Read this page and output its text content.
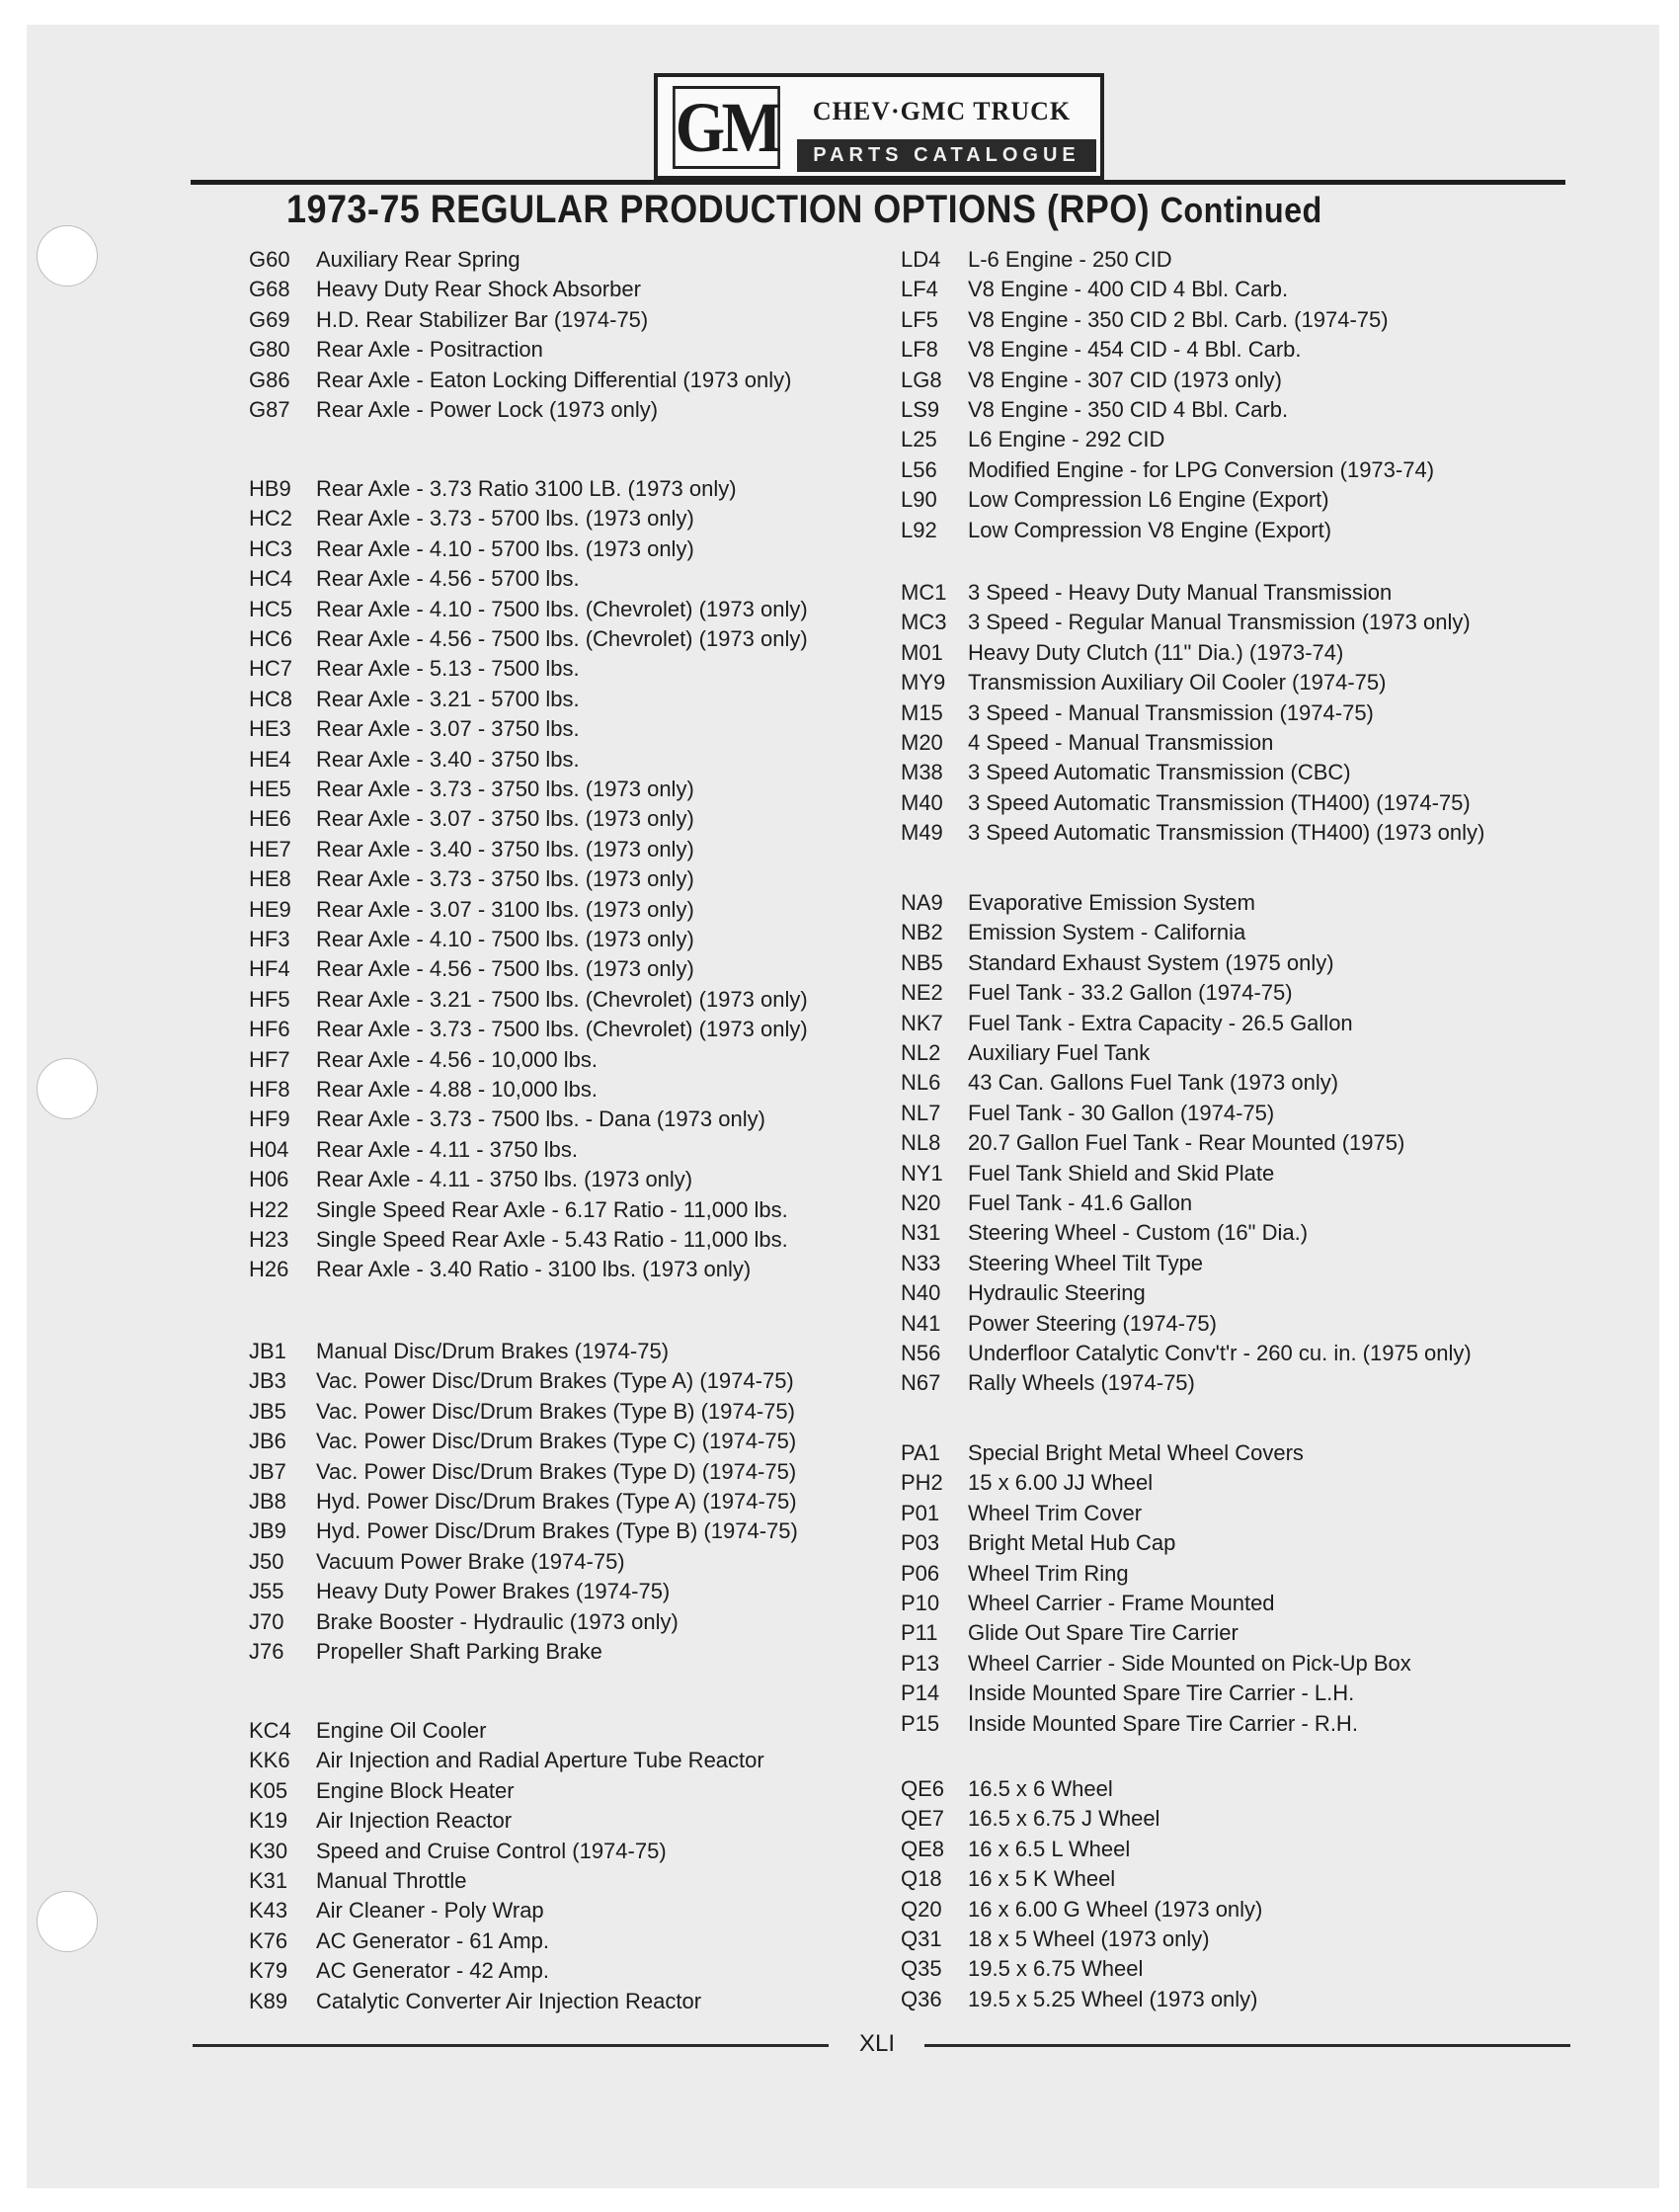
GM	CHEV·GMC TRUCK
PARTS CATALOGUE
1973-75 REGULAR PRODUCTION OPTIONS (RPO) Continued
G60	Auxiliary Rear Spring
G68	Heavy Duty Rear Shock Absorber
G69	H.D. Rear Stabilizer Bar (1974-75)
G80	Rear Axle - Positraction
G86	Rear Axle - Eaton Locking Differential (1973 only)
G87	Rear Axle - Power Lock (1973 only)
HB9	Rear Axle - 3.73 Ratio 3100 LB. (1973 only)
HC2	Rear Axle - 3.73 - 5700 lbs. (1973 only)
HC3	Rear Axle - 4.10 - 5700 lbs. (1973 only)
HC4	Rear Axle - 4.56 - 5700 lbs.
HC5	Rear Axle - 4.10 - 7500 lbs. (Chevrolet) (1973 only)
HC6	Rear Axle - 4.56 - 7500 lbs. (Chevrolet) (1973 only)
HC7	Rear Axle - 5.13 - 7500 lbs.
HC8	Rear Axle - 3.21 - 5700 lbs.
HE3	Rear Axle - 3.07 - 3750 lbs.
HE4	Rear Axle - 3.40 - 3750 lbs.
HE5	Rear Axle - 3.73 - 3750 lbs. (1973 only)
HE6	Rear Axle - 3.07 - 3750 lbs. (1973 only)
HE7	Rear Axle - 3.40 - 3750 lbs. (1973 only)
HE8	Rear Axle - 3.73 - 3750 lbs. (1973 only)
HE9	Rear Axle - 3.07 - 3100 lbs. (1973 only)
HF3	Rear Axle - 4.10 - 7500 lbs. (1973 only)
HF4	Rear Axle - 4.56 - 7500 lbs. (1973 only)
HF5	Rear Axle - 3.21 - 7500 lbs. (Chevrolet) (1973 only)
HF6	Rear Axle - 3.73 - 7500 lbs. (Chevrolet) (1973 only)
HF7	Rear Axle - 4.56 - 10,000 lbs.
HF8	Rear Axle - 4.88 - 10,000 lbs.
HF9	Rear Axle - 3.73 - 7500 lbs. - Dana (1973 only)
H04	Rear Axle - 4.11 - 3750 lbs.
H06	Rear Axle - 4.11 - 3750 lbs. (1973 only)
H22	Single Speed Rear Axle - 6.17 Ratio - 11,000 lbs.
H23	Single Speed Rear Axle - 5.43 Ratio - 11,000 lbs.
H26	Rear Axle - 3.40 Ratio - 3100 lbs. (1973 only)
JB1	Manual Disc/Drum Brakes (1974-75)
JB3	Vac. Power Disc/Drum Brakes (Type A) (1974-75)
JB5	Vac. Power Disc/Drum Brakes (Type B) (1974-75)
JB6	Vac. Power Disc/Drum Brakes (Type C) (1974-75)
JB7	Vac. Power Disc/Drum Brakes (Type D) (1974-75)
JB8	Hyd. Power Disc/Drum Brakes (Type A) (1974-75)
JB9	Hyd. Power Disc/Drum Brakes (Type B) (1974-75)
J50	Vacuum Power Brake (1974-75)
J55	Heavy Duty Power Brakes (1974-75)
J70	Brake Booster - Hydraulic (1973 only)
J76	Propeller Shaft Parking Brake
KC4	Engine Oil Cooler
KK6	Air Injection and Radial Aperture Tube Reactor
K05	Engine Block Heater
K19	Air Injection Reactor
K30	Speed and Cruise Control (1974-75)
K31	Manual Throttle
K43	Air Cleaner - Poly Wrap
K76	AC Generator - 61 Amp.
K79	AC Generator - 42 Amp.
K89	Catalytic Converter Air Injection Reactor
LD4	L-6 Engine - 250 CID
LF4	V8 Engine - 400 CID 4 Bbl. Carb.
LF5	V8 Engine - 350 CID 2 Bbl. Carb. (1974-75)
LF8	V8 Engine - 454 CID - 4 Bbl. Carb.
LG8	V8 Engine - 307 CID (1973 only)
LS9	V8 Engine - 350 CID 4 Bbl. Carb.
L25	L6 Engine - 292 CID
L56	Modified Engine - for LPG Conversion (1973-74)
L90	Low Compression L6 Engine (Export)
L92	Low Compression V8 Engine (Export)
MC1 3 Speed - Heavy Duty Manual Transmission
MC3 3 Speed - Regular Manual Transmission (1973 only)
M01	Heavy Duty Clutch (11" Dia.) (1973-74)
MY9	Transmission Auxiliary Oil Cooler (1974-75)
M15	3 Speed - Manual Transmission (1974-75)
M20	4 Speed - Manual Transmission
M38	3 Speed Automatic Transmission (CBC)
M40	3 Speed Automatic Transmission (TH400) (1974-75)
M49	3 Speed Automatic Transmission (TH400) (1973 only)
NA9	Evaporative Emission System
NB2	Emission System - California
NB5	Standard Exhaust System (1975 only)
NE2	Fuel Tank - 33.2 Gallon (1974-75)
NK7	Fuel Tank - Extra Capacity - 26.5 Gallon
NL2	Auxiliary Fuel Tank
NL6	43 Can. Gallons Fuel Tank (1973 only)
NL7	Fuel Tank - 30 Gallon (1974-75)
NL8	20.7 Gallon Fuel Tank - Rear Mounted (1975)
NY1	Fuel Tank Shield and Skid Plate
N20	Fuel Tank - 41.6 Gallon
N31	Steering Wheel - Custom (16" Dia.)
N33	Steering Wheel Tilt Type
N40	Hydraulic Steering
N41	Power Steering (1974-75)
N56	Underfloor Catalytic Conv't'r - 260 cu. in. (1975 only)
N67	Rally Wheels (1974-75)
PA1	Special Bright Metal Wheel Covers
PH2	15 x 6.00 JJ Wheel
P01	Wheel Trim Cover
P03	Bright Metal Hub Cap
P06	Wheel Trim Ring
P10	Wheel Carrier - Frame Mounted
P11	Glide Out Spare Tire Carrier
P13	Wheel Carrier - Side Mounted on Pick-Up Box
P14	Inside Mounted Spare Tire Carrier - L.H.
P15	Inside Mounted Spare Tire Carrier - R.H.
QE6	16.5 x 6 Wheel
QE7	16.5 x 6.75 J Wheel
QE8	16 x 6.5 L Wheel
Q18	16 x 5 K Wheel
Q20	16 x 6.00 G Wheel (1973 only)
Q31	18 x 5 Wheel (1973 only)
Q35	19.5 x 6.75 Wheel
Q36	19.5 x 5.25 Wheel (1973 only)
XLI
